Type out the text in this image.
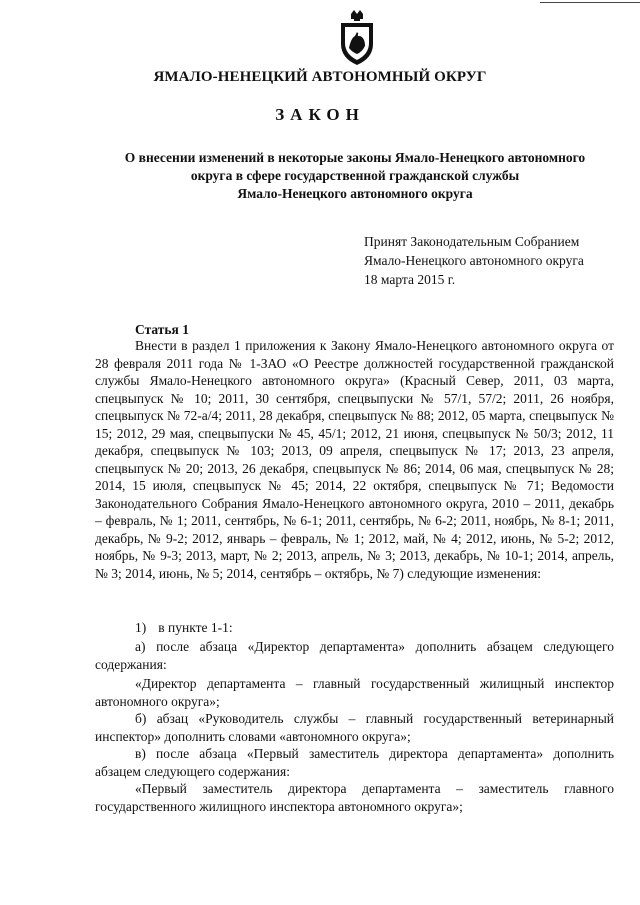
ЯМАЛО-НЕНЕЦКИЙ АВТОНОМНЫЙ ОКРУГ
ЗАКОН
О внесении изменений в некоторые законы Ямало-Ненецкого автономного
округа в сфере государственной гражданской службы
Ямало-Ненецкого автономного округа
Принят Законодательным Собранием
Ямало-Ненецкого автономного округа
18 марта 2015 г.
Статья 1
Внести в раздел 1 приложения к Закону Ямало-Ненецкого автономного округа от 28 февраля 2011 года № 1-ЗАО «О Реестре должностей государственной гражданской службы Ямало-Ненецкого автономного округа» (Красный Север, 2011, 03 марта, спецвыпуск № 10; 2011, 30 сентября, спецвыпуски № 57/1, 57/2; 2011, 26 ноября, спецвыпуск № 72-а/4; 2011, 28 декабря, спецвыпуск № 88; 2012, 05 марта, спецвыпуск № 15; 2012, 29 мая, спецвыпуски № 45, 45/1; 2012, 21 июня, спецвыпуск № 50/3; 2012, 11 декабря, спецвыпуск № 103; 2013, 09 апреля, спецвыпуск № 17; 2013, 23 апреля, спецвыпуск № 20; 2013, 26 декабря, спецвыпуск № 86; 2014, 06 мая, спецвыпуск № 28; 2014, 15 июля, спецвыпуск № 45; 2014, 22 октября, спецвыпуск № 71; Ведомости Законодательного Собрания Ямало-Ненецкого автономного округа, 2010 – 2011, декабрь – февраль, № 1; 2011, сентябрь, № 6-1; 2011, сентябрь, № 6-2; 2011, ноябрь, № 8-1; 2011, декабрь, № 9-2; 2012, январь – февраль, № 1; 2012, май, № 4; 2012, июнь, № 5-2; 2012, ноябрь, № 9-3; 2013, март, № 2; 2013, апрель, № 3; 2013, декабрь, № 10-1; 2014, апрель, № 3; 2014, июнь, № 5; 2014, сентябрь – октябрь, № 7) следующие изменения:
1) в пункте 1-1:
а) после абзаца «Директор департамента» дополнить абзацем следующего содержания:
«Директор департамента – главный государственный жилищный инспектор автономного округа»;
б) абзац «Руководитель службы – главный государственный ветеринарный инспектор» дополнить словами «автономного округа»;
в) после абзаца «Первый заместитель директора департамента» дополнить абзацем следующего содержания:
«Первый заместитель директора департамента – заместитель главного государственного жилищного инспектора автономного округа»;
